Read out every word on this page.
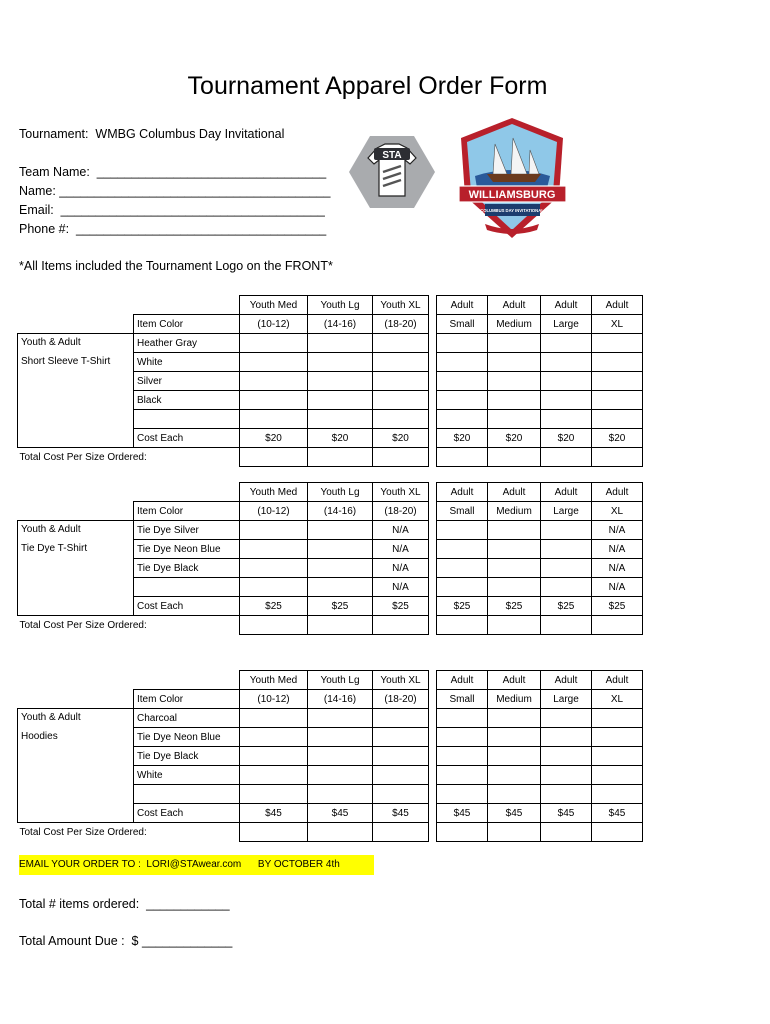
Tournament Apparel Order Form
Tournament:  WMBG Columbus Day Invitational
Team Name:  _________________________________
Name: _______________________________________
Email:  ______________________________________
Phone #:  ____________________________________
*All Items included the Tournament Logo on the FRONT*
STA
WILLIAMSBURG
COLUMBUS DAY INVITATIONAL
		Youth Med	Youth Lg	Youth XL		Adult	Adult	Adult	Adult
	Item Color	(10-12)	(14-16)	(18-20)		Small	Medium	Large	XL

Youth & Adult
Short Sleeve T-Shirt	Heather Gray								
	White								
	Silver								
	Black								

	Cost Each	$20	$20	$20		$20	$20	$20	$20
Total Cost Per Size Ordered:									
		Youth Med	Youth Lg	Youth XL		Adult	Adult	Adult	Adult
	Item Color	(10-12)	(14-16)	(18-20)		Small	Medium	Large	XL

Youth & Adult
Tie Dye T-Shirt	Tie Dye Silver			N/A					N/A
	Tie Dye Neon Blue			N/A					N/A
	Tie Dye Black			N/A					N/A
				N/A					N/A
	Cost Each	$25	$25	$25		$25	$25	$25	$25
Total Cost Per Size Ordered:									
		Youth Med	Youth Lg	Youth XL		Adult	Adult	Adult	Adult
	Item Color	(10-12)	(14-16)	(18-20)		Small	Medium	Large	XL

Youth & Adult
Hoodies	Charcoal								
	Tie Dye Neon Blue								
	Tie Dye Black								
	White								

	Cost Each	$45	$45	$45		$45	$45	$45	$45
Total Cost Per Size Ordered:									
EMAIL YOUR ORDER TO :  LORI@STAwear.com      BY OCTOBER 4th
Total # items ordered:  ____________
Total Amount Due :  $ _____________
